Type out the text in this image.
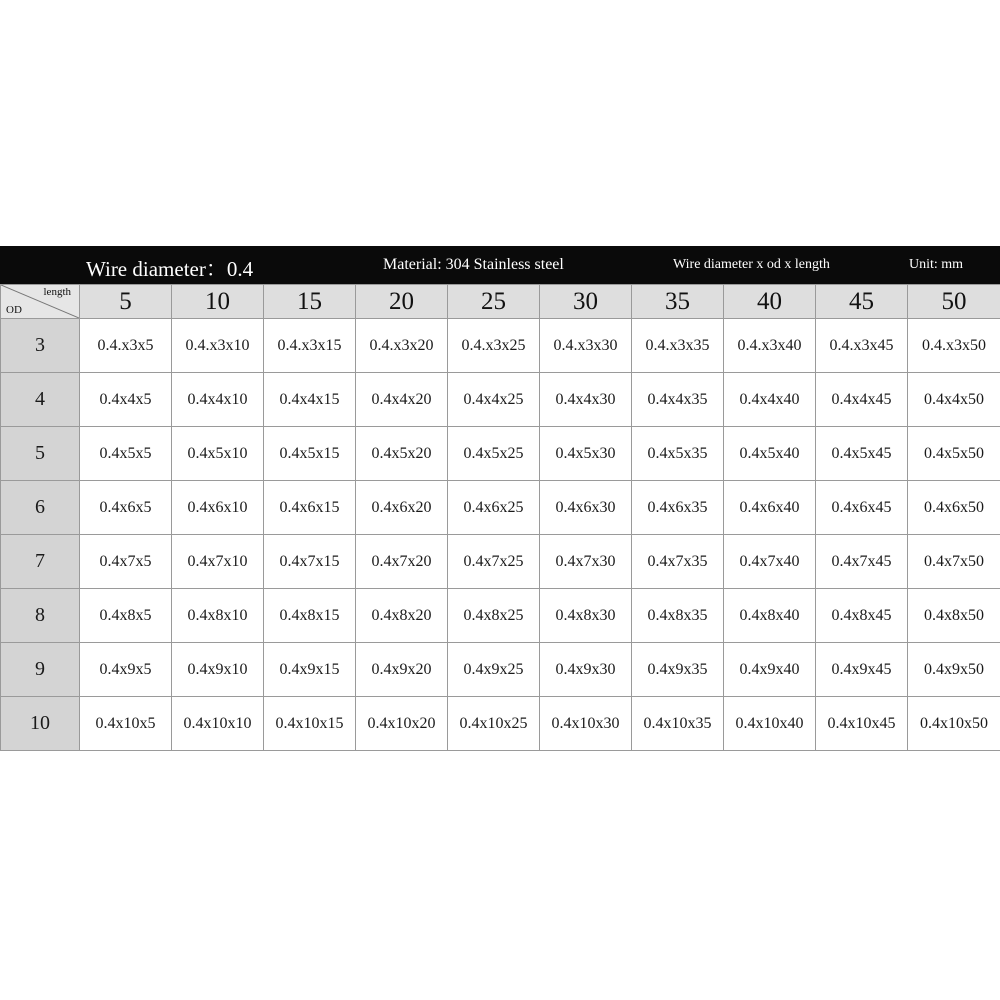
Wire diameter：0.4	Material: 304 Stainless steel	Wire diameter x od x length	Unit: mm
length
OD	5	10	15	20	25	30	35	40	45	50
3	0.4.x3x5	0.4.x3x10	0.4.x3x15	0.4.x3x20	0.4.x3x25	0.4.x3x30	0.4.x3x35	0.4.x3x40	0.4.x3x45	0.4.x3x50
4	0.4x4x5	0.4x4x10	0.4x4x15	0.4x4x20	0.4x4x25	0.4x4x30	0.4x4x35	0.4x4x40	0.4x4x45	0.4x4x50
5	0.4x5x5	0.4x5x10	0.4x5x15	0.4x5x20	0.4x5x25	0.4x5x30	0.4x5x35	0.4x5x40	0.4x5x45	0.4x5x50
6	0.4x6x5	0.4x6x10	0.4x6x15	0.4x6x20	0.4x6x25	0.4x6x30	0.4x6x35	0.4x6x40	0.4x6x45	0.4x6x50
7	0.4x7x5	0.4x7x10	0.4x7x15	0.4x7x20	0.4x7x25	0.4x7x30	0.4x7x35	0.4x7x40	0.4x7x45	0.4x7x50
8	0.4x8x5	0.4x8x10	0.4x8x15	0.4x8x20	0.4x8x25	0.4x8x30	0.4x8x35	0.4x8x40	0.4x8x45	0.4x8x50
9	0.4x9x5	0.4x9x10	0.4x9x15	0.4x9x20	0.4x9x25	0.4x9x30	0.4x9x35	0.4x9x40	0.4x9x45	0.4x9x50
10	0.4x10x5	0.4x10x10	0.4x10x15	0.4x10x20	0.4x10x25	0.4x10x30	0.4x10x35	0.4x10x40	0.4x10x45	0.4x10x50
